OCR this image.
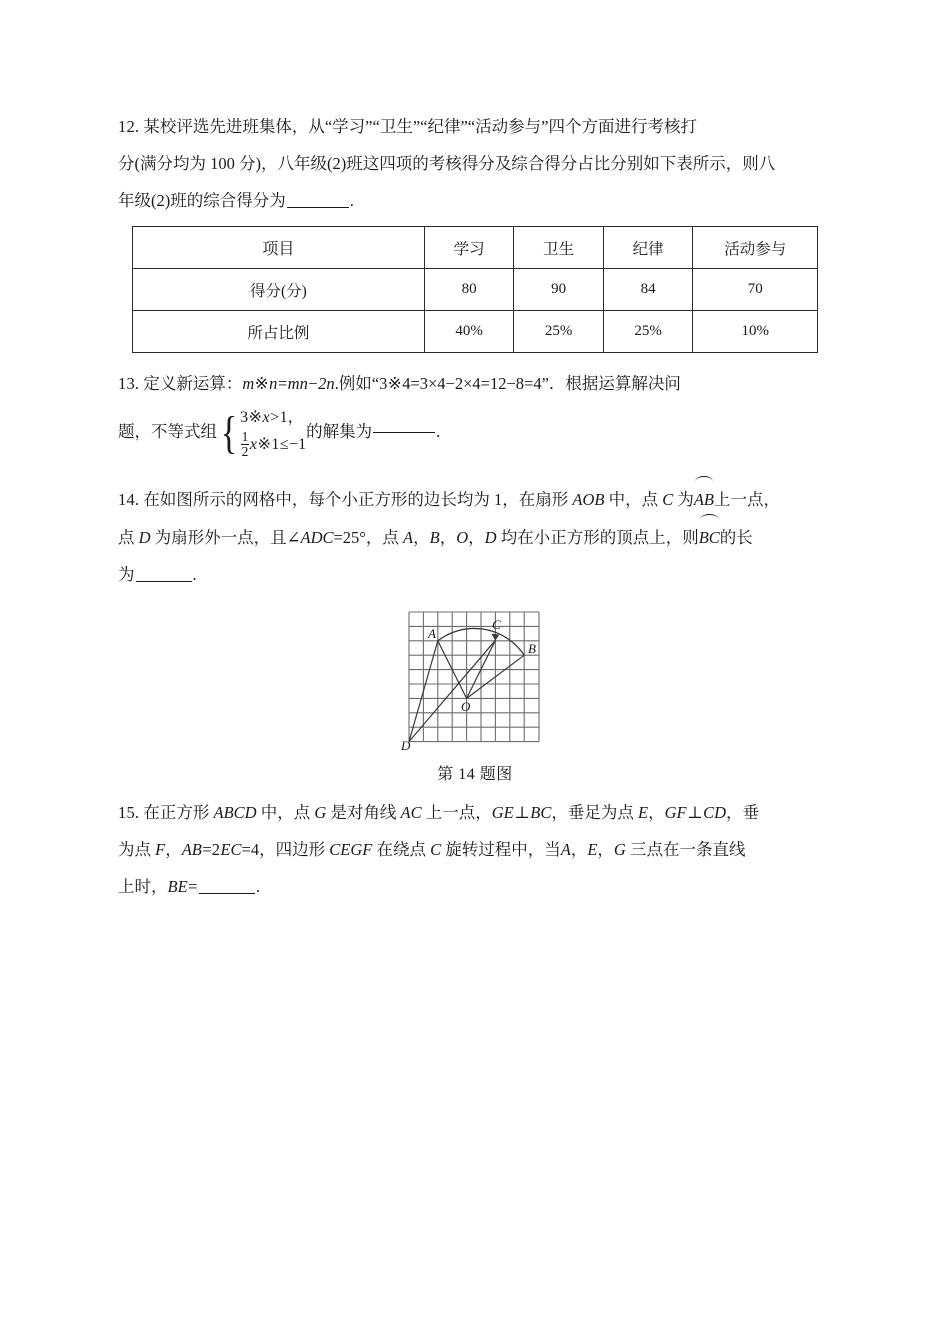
12. 某校评选先进班集体，从“学习”“卫生”“纪律”“活动参与”四个方面进行考核打
分(满分均为 100 分)，八年级(2)班这四项的考核得分及综合得分占比分别如下表所示，则八
年级(2)班的综合得分为	.
项目	学习	卫生	纪律	活动参与
得分(分)	80	90	84	70
所占比例	40%	25%	25%	10%
13. 定义新运算：m※n=mn−2n.例如“3※4=3×4−2×4=12−8=4”．根据运算解决问
题，不等式组 { 3 ※ x > 1，
$\frac{1}{2}$ x ※ 1 ≤ −1
的解集为	.
14. 在如图所示的网格中，每个小正方形的边长均为 1，在扇形 AOB 中，点 C 为AB上一点，
点 D 为扇形外一点，且∠ADC=25°，点 A，B，O，D 均在小正方形的顶点上，则BC的长
为	.
A
B
C
O
D
第 14 题图
15. 在正方形 ABCD 中，点 G 是对角线 AC 上一点，GE⊥BC，垂足为点 E，GF⊥CD，垂
为点 F，AB=2EC=4，四边形 CEGF 在绕点 C 旋转过程中，当A，E，G 三点在一条直线
上时，BE=	.
